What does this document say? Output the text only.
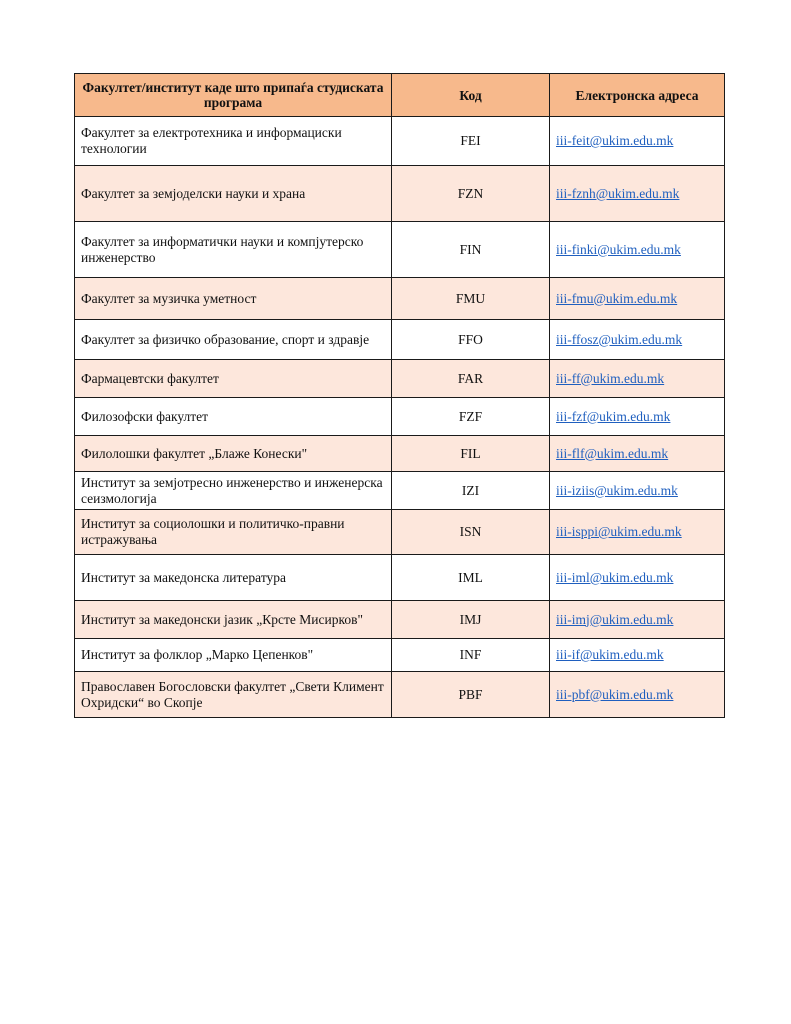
Факултет/институт каде што припаѓа студиската програма	Код	Електронска адреса
Факултет за електротехника и информациски технологии	FEI	iii-feit@ukim.edu.mk
Факултет за земјоделски науки и храна	FZN	iii-fznh@ukim.edu.mk
Факултет за информатички науки и компјутерско инженерство	FIN	iii-finki@ukim.edu.mk
Факултет за музичка уметност	FMU	iii-fmu@ukim.edu.mk
Факултет за физичко образование, спорт и здравје	FFO	iii-ffosz@ukim.edu.mk
Фармацевтски факултет	FAR	iii-ff@ukim.edu.mk
Филозофски факултет	FZF	iii-fzf@ukim.edu.mk
Филолошки факултет „Блаже Конески"	FIL	iii-flf@ukim.edu.mk
Институт за земјотресно инженерство и инженерска сеизмологија	IZI	iii-iziis@ukim.edu.mk
Институт за социолошки и политичко-правни истражувања	ISN	iii-isppi@ukim.edu.mk
Институт за македонска литература	IML	iii-iml@ukim.edu.mk
Институт за македонски јазик „Крсте Мисирков"	IMJ	iii-imj@ukim.edu.mk
Институт за фолклор „Марко Цепенков"	INF	iii-if@ukim.edu.mk
Православен Богословски факултет „Свети Климент Охридски“ во Скопје	PBF	iii-pbf@ukim.edu.mk
